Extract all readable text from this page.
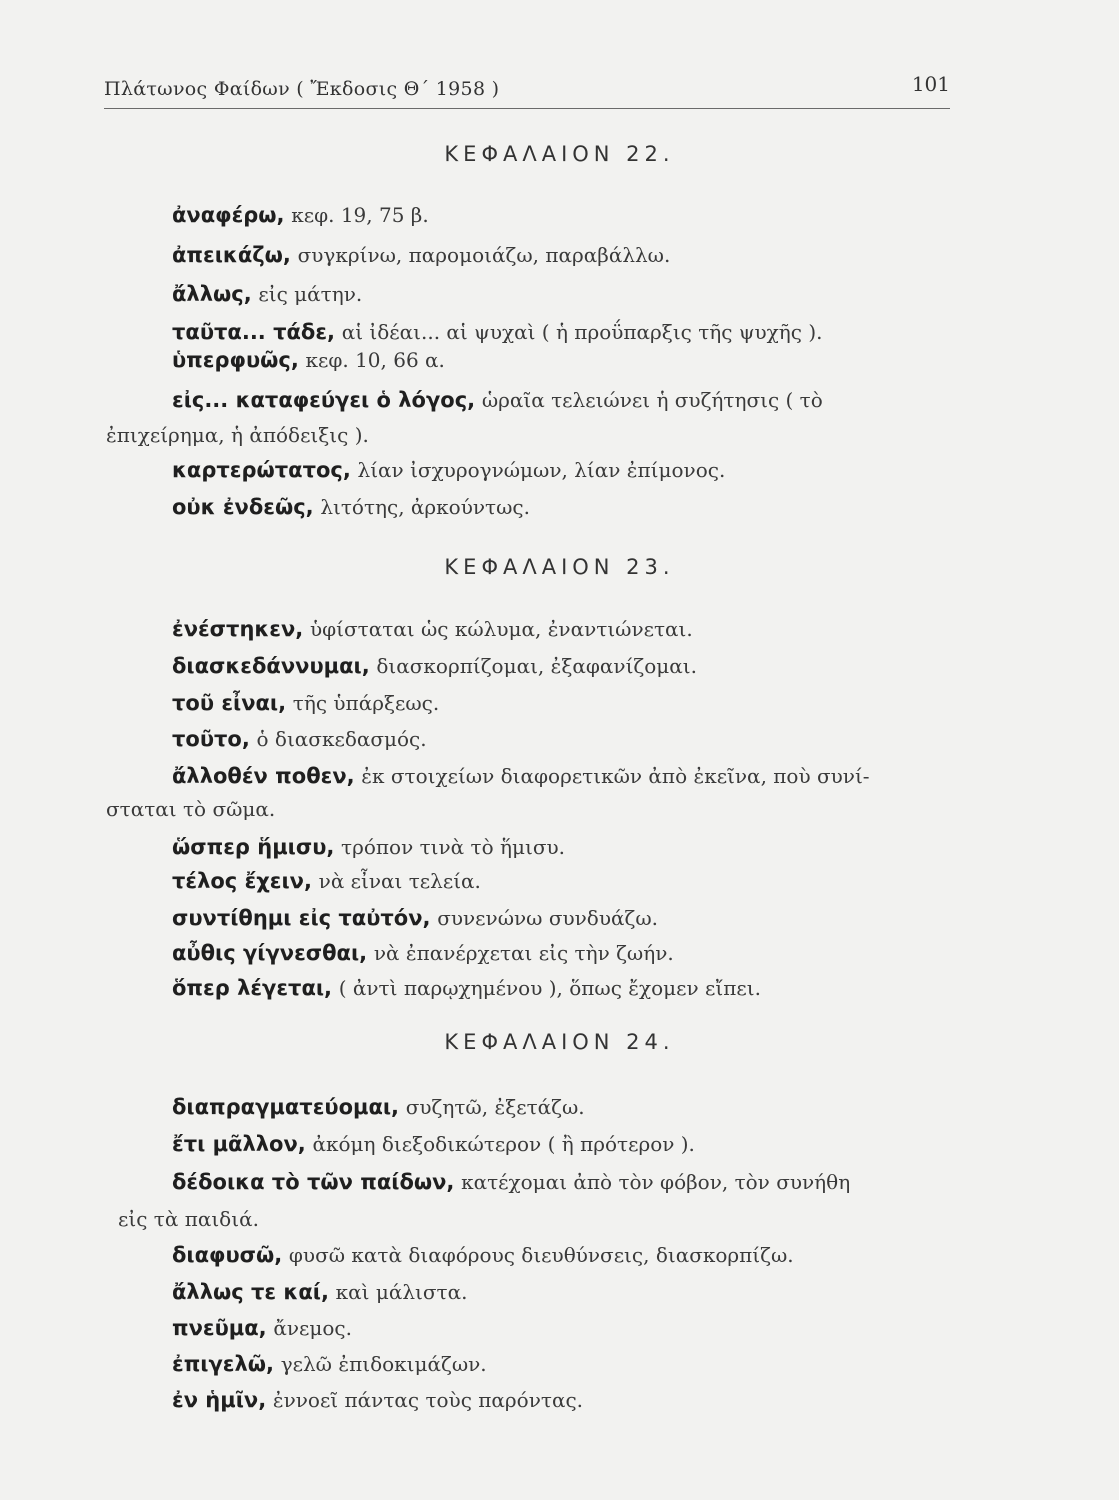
Πλάτωνος Φαίδων ( Ἔκδοσις Θ΄ 1958 )	101
ΚΕΦΑΛΑΙΟΝ 22.
ἀναφέρω, κεφ. 19, 75 β.
ἀπεικάζω, συγκρίνω, παρομοιάζω, παραβάλλω.
ἄλλως, εἰς μάτην.
ταῦτα... τάδε, αἱ ἰδέαι... αἱ ψυχαὶ ( ἡ προΰπαρξις τῆς ψυχῆς ).
ὑπερφυῶς, κεφ. 10, 66 α.
εἰς... καταφεύγει ὁ λόγος, ὡραῖα τελειώνει ἡ συζήτησις ( τὸ
ἐπιχείρημα, ἡ ἀπόδειξις ).
καρτερώτατος, λίαν ἰσχυρογνώμων, λίαν ἐπίμονος.
οὐκ ἐνδεῶς, λιτότης, ἀρκούντως.
ΚΕΦΑΛΑΙΟΝ 23.
ἐνέστηκεν, ὑφίσταται ὡς κώλυμα, ἐναντιώνεται.
διασκεδάννυμαι, διασκορπίζομαι, ἐξαφανίζομαι.
τοῦ εἶναι, τῆς ὑπάρξεως.
τοῦτο, ὁ διασκεδασμός.
ἄλλοθέν ποθεν, ἐκ στοιχείων διαφορετικῶν ἀπὸ ἐκεῖνα, ποὺ συνί-
σταται τὸ σῶμα.
ὥσπερ ἥμισυ, τρόπον τινὰ τὸ ἥμισυ.
τέλος ἔχειν, νὰ εἶναι τελεία.
συντίθημι εἰς ταὐτόν, συνενώνω συνδυάζω.
αὖθις γίγνεσθαι, νὰ ἐπανέρχεται εἰς τὴν ζωήν.
ὅπερ λέγεται, ( ἀντὶ παρῳχημένου ), ὅπως ἔχομεν εἴπει.
ΚΕΦΑΛΑΙΟΝ 24.
διαπραγματεύομαι, συζητῶ, ἐξετάζω.
ἔτι μᾶλλον, ἀκόμη διεξοδικώτερον ( ἢ πρότερον ).
δέδοικα τὸ τῶν παίδων, κατέχομαι ἀπὸ τὸν φόβον, τὸν συνήθη
εἰς τὰ παιδιά.
διαφυσῶ, φυσῶ κατὰ διαφόρους διευθύνσεις, διασκορπίζω.
ἄλλως τε καί, καὶ μάλιστα.
πνεῦμα, ἄνεμος.
ἐπιγελῶ, γελῶ ἐπιδοκιμάζων.
ἐν ἡμῖν, ἐννοεῖ πάντας τοὺς παρόντας.
